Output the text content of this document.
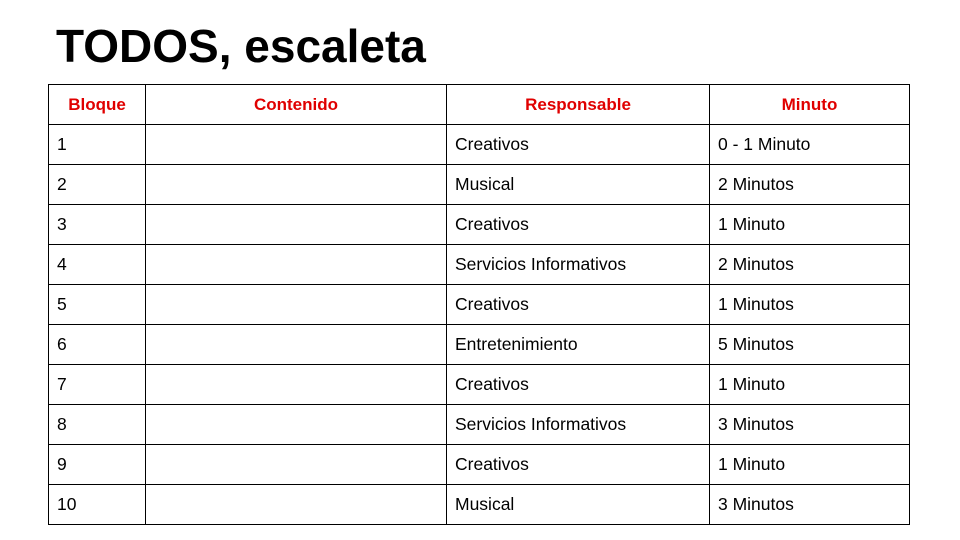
TODOS, escaleta
Bloque	Contenido	Responsable	Minuto
1		Creativos	0 - 1 Minuto
2		Musical	2 Minutos
3		Creativos	1 Minuto
4		Servicios Informativos	2 Minutos
5		Creativos	1 Minutos
6		Entretenimiento	5 Minutos
7		Creativos	1 Minuto
8		Servicios Informativos	3 Minutos
9		Creativos	1 Minuto
10		Musical	3 Minutos
